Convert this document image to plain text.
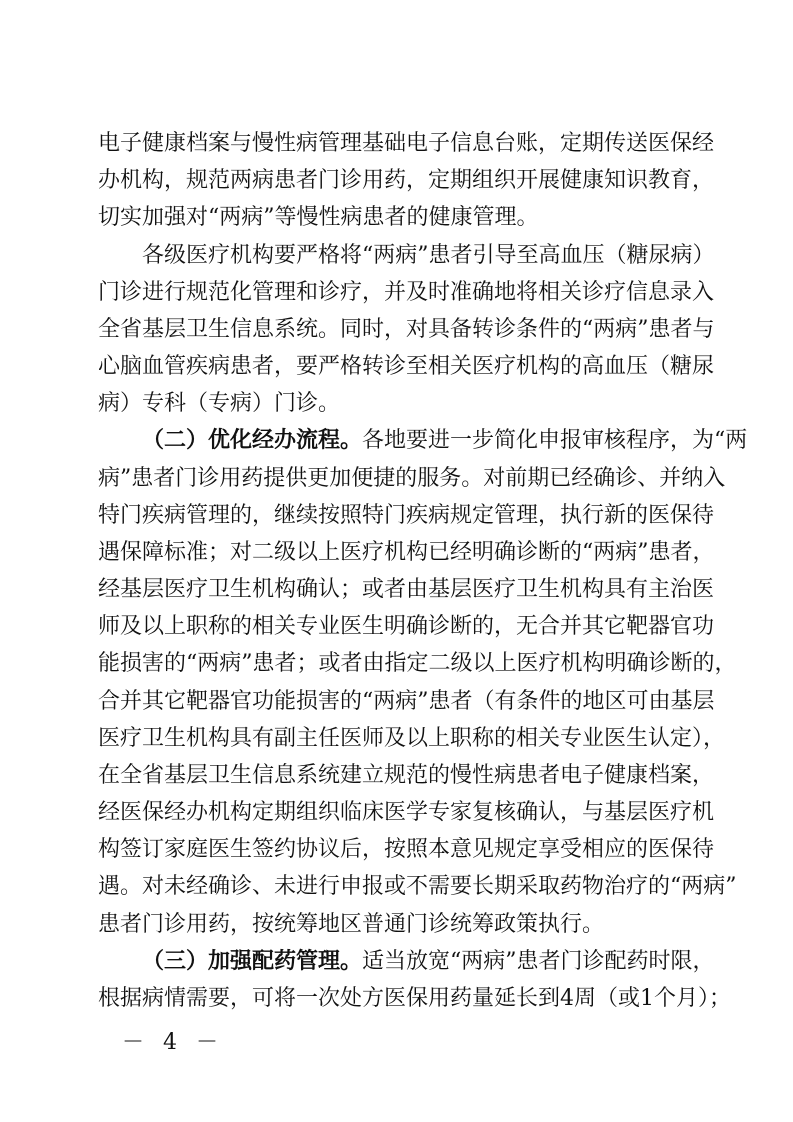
电子健康档案与慢性病管理基础电子信息台账，定期传送医保经
办机构，规范两病患者门诊用药，定期组织开展健康知识教育，
切实加强对“两病”等慢性病患者的健康管理。
各级医疗机构要严格将“两病”患者引导至高血压（糖尿病）
门诊进行规范化管理和诊疗，并及时准确地将相关诊疗信息录入
全省基层卫生信息系统。同时，对具备转诊条件的“两病”患者与
心脑血管疾病患者，要严格转诊至相关医疗机构的高血压（糖尿
病）专科（专病）门诊。
（二）优化经办流程。各地要进一步简化申报审核程序，为“两
病”患者门诊用药提供更加便捷的服务。对前期已经确诊、并纳入
特门疾病管理的，继续按照特门疾病规定管理，执行新的医保待
遇保障标准；对二级以上医疗机构已经明确诊断的“两病”患者，
经基层医疗卫生机构确认；或者由基层医疗卫生机构具有主治医
师及以上职称的相关专业医生明确诊断的，无合并其它靶器官功
能损害的“两病”患者；或者由指定二级以上医疗机构明确诊断的，
合并其它靶器官功能损害的“两病”患者（有条件的地区可由基层
医疗卫生机构具有副主任医师及以上职称的相关专业医生认定），
在全省基层卫生信息系统建立规范的慢性病患者电子健康档案，
经医保经办机构定期组织临床医学专家复核确认，与基层医疗机
构签订家庭医生签约协议后，按照本意见规定享受相应的医保待
遇。对未经确诊、未进行申报或不需要长期采取药物治疗的“两病”
患者门诊用药，按统筹地区普通门诊统筹政策执行。
（三）加强配药管理。适当放宽“两病”患者门诊配药时限，
根据病情需要，可将一次处方医保用药量延长到4周（或1个月）；
－ 4 －
